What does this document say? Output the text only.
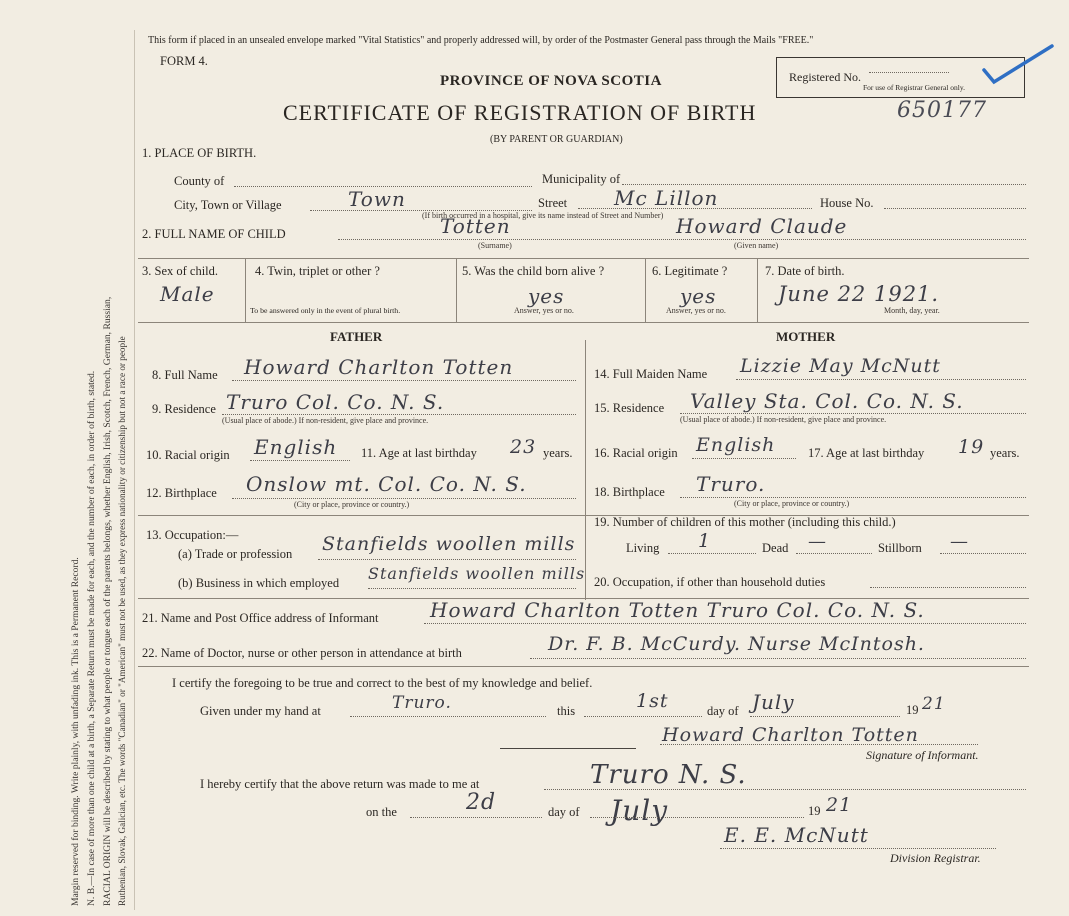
Margin reserved for binding. Write plainly, with unfading ink. This is a Permanent Record. N. B.—In case of more than one child at a birth, a Separate Return must be made for each, and the number of each, in order of birth, stated. RACIAL ORIGIN will be described by stating to what people or tongue each of the parents belongs, whether English, Irish, Scotch, French, German, Russian, Ruthenian, Slovak, Galician, etc. The words "Canadian" or "American" must not be used, as they express nationality or citizenship but not a race or people
This form if placed in an unsealed envelope marked "Vital Statistics" and properly addressed will, by order of the Postmaster General pass through the Mails "FREE."
FORM 4.
PROVINCE OF NOVA SCOTIA
CERTIFICATE OF REGISTRATION OF BIRTH
(BY PARENT OR GUARDIAN)
Registered No.
For use of Registrar General only.
650177
1. PLACE OF BIRTH.
County of	Municipality of
City, Town or Village	Town	Street Mc Lillon	House No.
(If birth occurred in a hospital, give its name instead of Street and Number)
2. FULL NAME OF CHILD	Totten	Howard Claude
(Surname)	(Given name)
3. Sex of child.
Male
4. Twin, triplet or other ?
To be answered only in the event of plural birth.
5. Was the child born alive ?
yes
Answer, yes or no.
6. Legitimate ?
yes
Answer, yes or no.
7. Date of birth.
June 22 1921.
Month, day, year.
FATHER	MOTHER
8. Full Name Howard Charlton Totten
9. Residence Truro Col. Co. N. S.
(Usual place of abode.) If non-resident, give place and province.
10. Racial origin English 11. Age at last birthday 23 years.
12. Birthplace Onslow mt. Col. Co. N. S.
(City or place, province or country.)
13. Occupation:—
(a) Trade or profession Stanfields woollen mills
(b) Business in which employed Stanfields woollen mills
14. Full Maiden Name Lizzie May McNutt
15. Residence Valley Sta. Col. Co. N. S.
(Usual place of abode.) If non-resident, give place and province.
16. Racial origin English	17. Age at last birthday 19 years.
18. Birthplace Truro.
(City or place, province or country.)
19. Number of children of this mother (including this child.)
Living 1	Dead —	Stillborn —
20. Occupation, if other than household duties
21. Name and Post Office address of Informant	Howard Charlton Totten Truro Col. Co. N. S.
22. Name of Doctor, nurse or other person in attendance at birth	Dr. F. B. McCurdy. Nurse McIntosh.
I certify the foregoing to be true and correct to the best of my knowledge and belief.
Given under my hand at	Truro.	this	1st	day of July	19 21
Howard Charlton Totten
Signature of Informant.
I hereby certify that the above return was made to me at	Truro N. S.
on the	2d	day of July	19 21
E. E. McNutt
Division Registrar.
